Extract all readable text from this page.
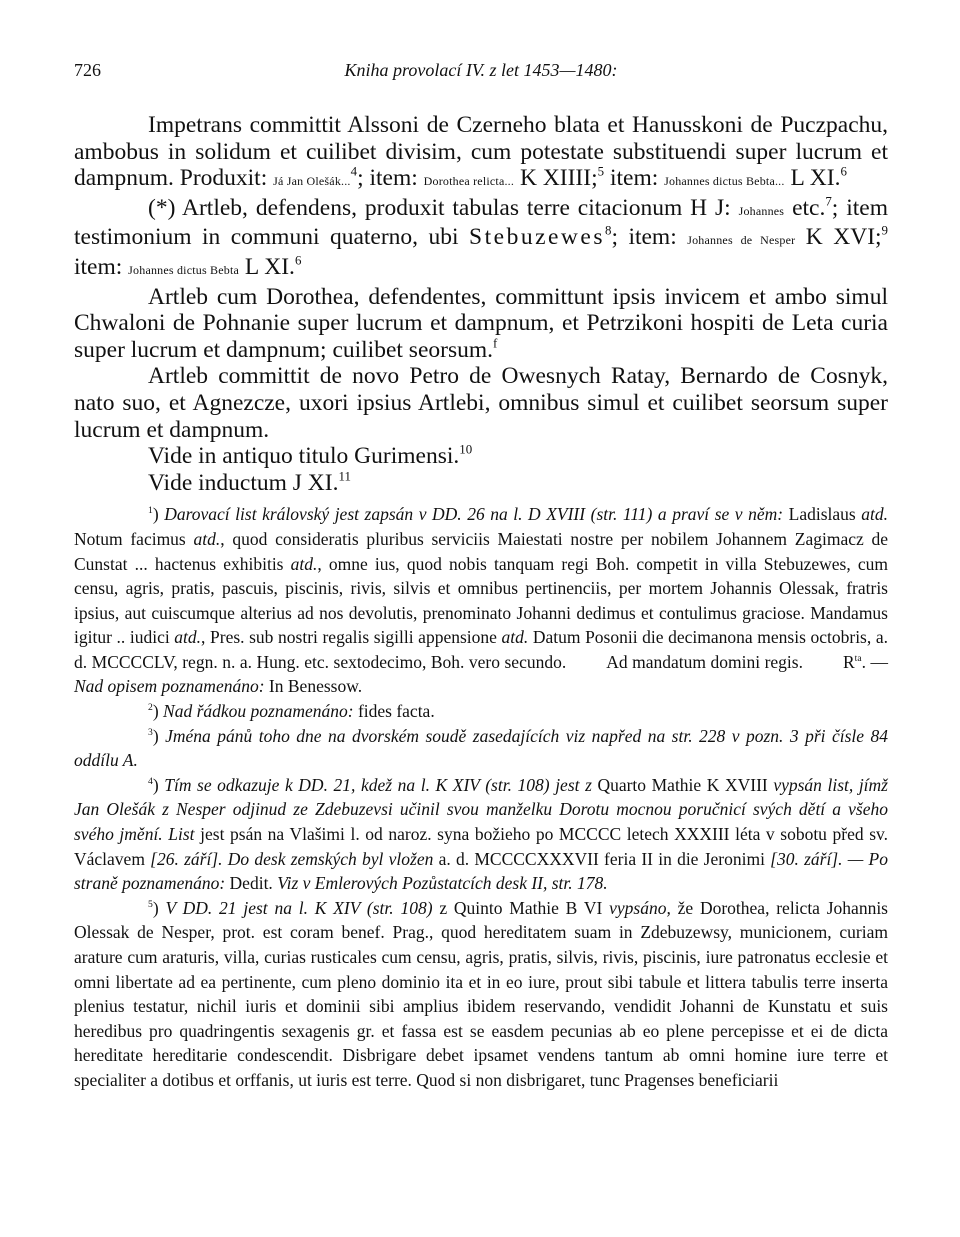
726	Kniha provolací IV. z let 1453—1480:

Impetrans committit Alssoni de Czerneho blata et Hanusskoni de Puczpachu, ambobus in solidum et cuilibet divisim, cum potestate substituendi super lucrum et dampnum. Produxit: Já Jan Olešák...$^4$; item: Dorothea relicta... K XIIII;$^5$ item: Johannes dictus Bebta... L XI.$^6$

(*) Artleb, defendens, produxit tabulas terre citacionum H J: Johannes etc.$^7$; item testimonium in communi quaterno, ubi Stebuzewes$^8$; item: Johannes de Nesper K XVI;$^9$ item: Johannes dictus Bebta L XI.$^6$

Artleb cum Dorothea, defendentes, committunt ipsis invicem et ambo simul Chwaloni de Pohnanie super lucrum et dampnum, et Petrzikoni hospiti de Leta curia super lucrum et dampnum; cuilibet seorsum.$^f$

Artleb committit de novo Petro de Owesnych Ratay, Bernardo de Cosnyk, nato suo, et Agnezcze, uxori ipsius Artlebi, omnibus simul et cuilibet seorsum super lucrum et dampnum.

Vide in antiquo titulo Gurimensi.$^{10}$

Vide inductum J XI.$^{11}$

$^1$) Darovací list královský jest zapsán v DD. 26 na l. D XVIII (str. 111) a praví se v něm: Ladislaus atd. Notum facimus atd., quod consideratis pluribus serviciis Maiestati nostre per nobilem Johannem Zagimacz de Cunstat ... hactenus exhibitis atd., omne ius, quod nobis tanquam regi Boh. competit in villa Stebuzewes, cum censu, agris, pratis, pascuis, piscinis, rivis, silvis et omnibus pertinenciis, per mortem Johannis Olessak, fratris ipsius, aut cuiscumque alterius ad nos devolutis, prenominato Johanni dedimus et contulimus graciose. Mandamus igitur .. iudici atd., Pres. sub nostri regalis sigilli appensione atd. Datum Posonii die decimanona mensis octobris, a. d. MCCCCLV, regn. n. a. Hung. etc. sextodecimo, Boh. vero secundo. Ad mandatum domini regis. $R^{ta}$. — Nad opisem poznamenáno: In Benessow.

$^2$) Nad řádkou poznamenáno: fides facta.

$^3$) Jména pánů toho dne na dvorském soudě zasedajících viz napřed na str. 228 v pozn. 3 při čísle 84 oddílu A.

$^4$) Tím se odkazuje k DD. 21, kdež na l. K XIV (str. 108) jest z Quarto Mathie K XVIII vypsán list, jímž Jan Olešák z Nesper odjinud ze Zdebuzevsi učinil svou manželku Dorotu mocnou poručnicí svých dětí a všeho svého jmění. List jest psán na Vlašimi l. od naroz. syna božieho po MCCCC letech XXXIII léta v sobotu před sv. Václavem [26. září]. Do desk zemských byl vložen a. d. MCCCCXXXVII feria II in die Jeronimi [30. září]. — Po straně poznamenáno: Dedit. Viz v Emlerových Pozůstatcích desk II, str. 178.

$^5$) V DD. 21 jest na l. K XIV (str. 108) z Quinto Mathie B VI vypsáno, že Dorothea, relicta Johannis Olessak de Nesper, prot. est coram benef. Prag., quod hereditatem suam in Zdebuzewsy, municionem, curiam arature cum araturis, villa, curias rusticales cum censu, agris, pratis, silvis, rivis, piscinis, iure patronatus ecclesie et omni libertate ad ea pertinente, cum pleno dominio ita et in eo iure, prout sibi tabule et littera tabulis terre inserta plenius testatur, nichil iuris et dominii sibi amplius ibidem reservando, vendidit Johanni de Kunstatu et suis heredibus pro quadringentis sexagenis gr. et fassa est se easdem pecunias ab eo plene percepisse et ei de dicta hereditate hereditarie condescendit. Disbrigare debet ipsamet vendens tantum ab omni homine iure terre et specialiter a dotibus et orffanis, ut iuris est terre. Quod si non disbrigaret, tunc Pragenses beneficiarii
